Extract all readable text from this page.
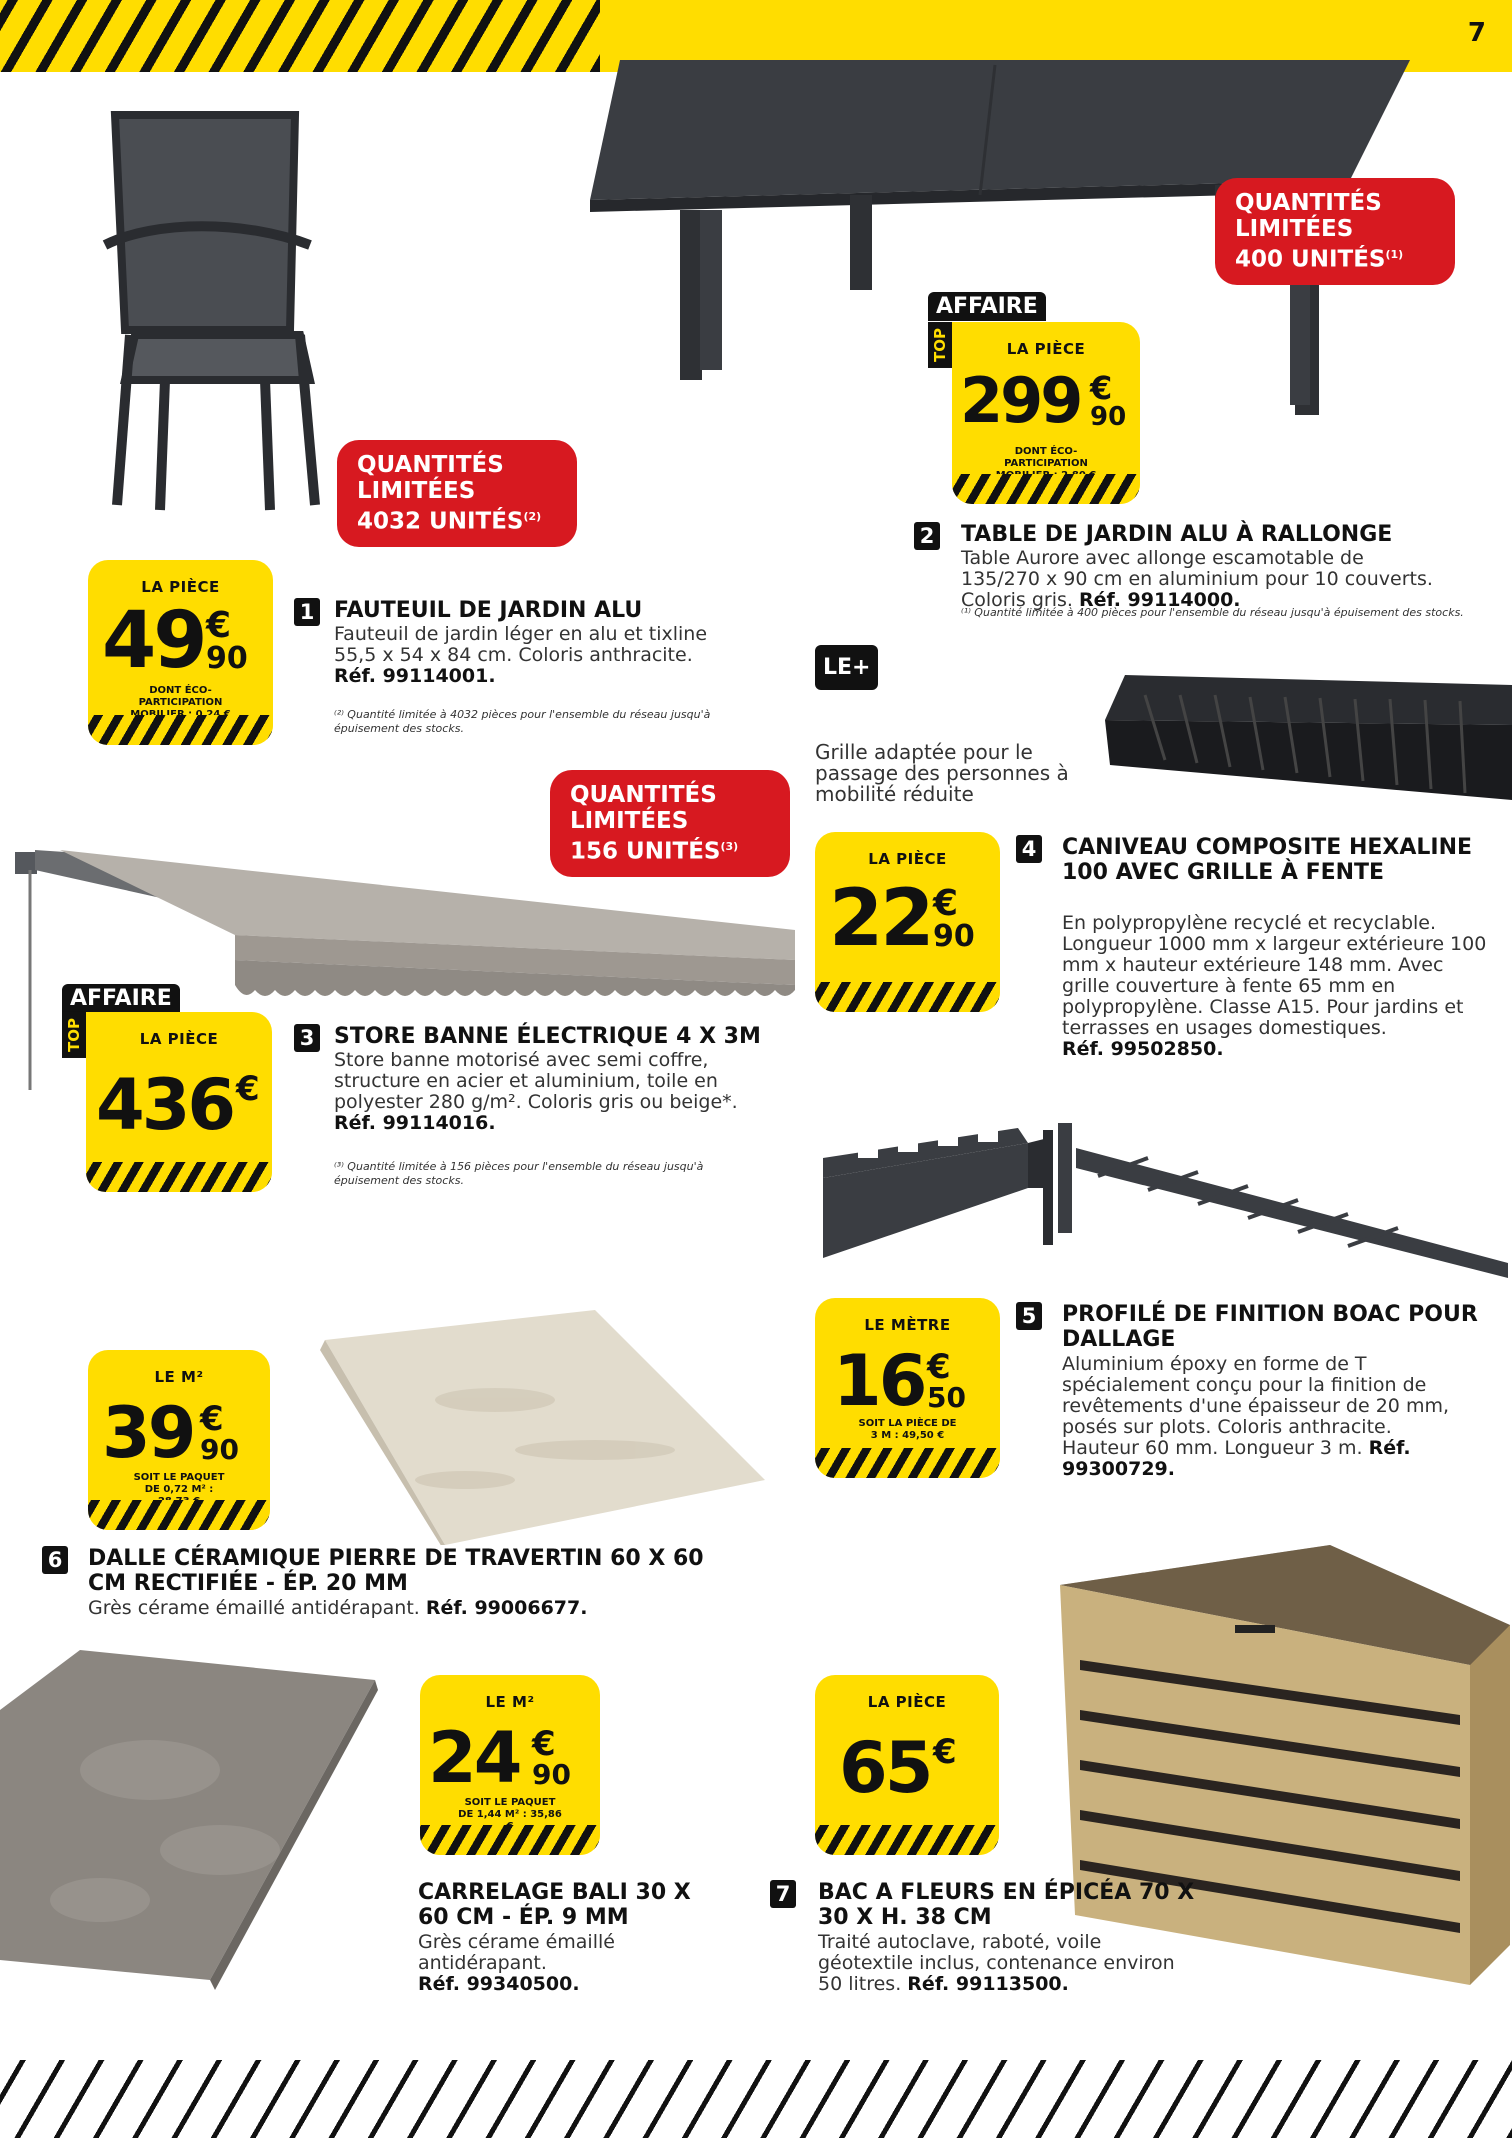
7
QUANTITÉS
LIMITÉES
4032 UNITÉS$^{(2)}$
LA PIÈCE
49 €
90
DONT ÉCO-PARTICIPATION
1 FAUTEUIL DE JARDIN ALU
Fauteuil de jardin léger en alu et tixline 55,5 x 54 x 84 cm. Coloris anthracite.
Réf. 99114001.
⁽²⁾ Quantité limitée à 4032 pièces pour l'ensemble du réseau jusqu'à épuisement des stocks.
QUANTITÉS
LIMITÉES
400 UNITÉS$^{(1)}$
AFFAIRE
TOP	LA PIÈCE
299 €
90
DONT ÉCO-PARTICIPATION
2 TABLE DE JARDIN ALU À RALLONGE
Table Aurore avec allonge escamotable de 135/270 x 90 cm en aluminium pour 10 couverts. Coloris gris. Réf. 99114000.
⁽¹⁾ Quantité limitée à 400 pièces pour l'ensemble du réseau jusqu'à épuisement des stocks.
QUANTITÉS
LIMITÉES
156 UNITÉS$^{(3)}$
AFFAIRE
TOP	LA PIÈCE
436 €
3 STORE BANNE ÉLECTRIQUE 4 X 3M
Store banne motorisé avec semi coffre, structure en acier et aluminium, toile en polyester 280 g/m². Coloris gris ou beige*. Réf. 99114016.
⁽³⁾ Quantité limitée à 156 pièces pour l'ensemble du réseau jusqu'à épuisement des stocks.
LE+
Grille adaptée pour le passage des personnes à mobilité réduite
LA PIÈCE
22 €
90
4 CANIVEAU COMPOSITE HEXALINE 100 AVEC GRILLE À FENTE
En polypropylène recyclé et recyclable. Longueur 1000 mm x largeur extérieure 100 mm x hauteur extérieure 148 mm. Avec grille couverture à fente 65 mm en polypropylène. Classe A15. Pour jardins et terrasses en usages domestiques.
Réf. 99502850.
LE MÈTRE
16 €
50
SOIT LA PIÈCE DE 3 M : 49,50 €
5 PROFILÉ DE FINITION BOAC POUR DALLAGE
Aluminium époxy en forme de T spécialement conçu pour la finition de revêtements d'une épaisseur de 20 mm, posés sur plots. Coloris anthracite. Hauteur 60 mm. Longueur 3 m. Réf. 99300729.
LE M²
39 €
90
SOIT LE PAQUET DE 0,72 M² :
6 DALLE CÉRAMIQUE PIERRE DE TRAVERTIN 60 X 60 CM RECTIFIÉE - ÉP. 20 MM
Grès cérame émaillé antidérapant. Réf. 99006677.
LE M²
24 €
90
SOIT LE PAQUET DE 1,44 M² : 35,86
CARRELAGE BALI 30 X 60 CM - ÉP. 9 MM
Grès cérame émaillé antidérapant.
Réf. 99340500.
LA PIÈCE
65 €
7 BAC A FLEURS EN ÉPICÉA 70 X 30 X H. 38 CM
Traité autoclave, raboté, voile géotextile inclus, contenance environ 50 litres. Réf. 99113500.
